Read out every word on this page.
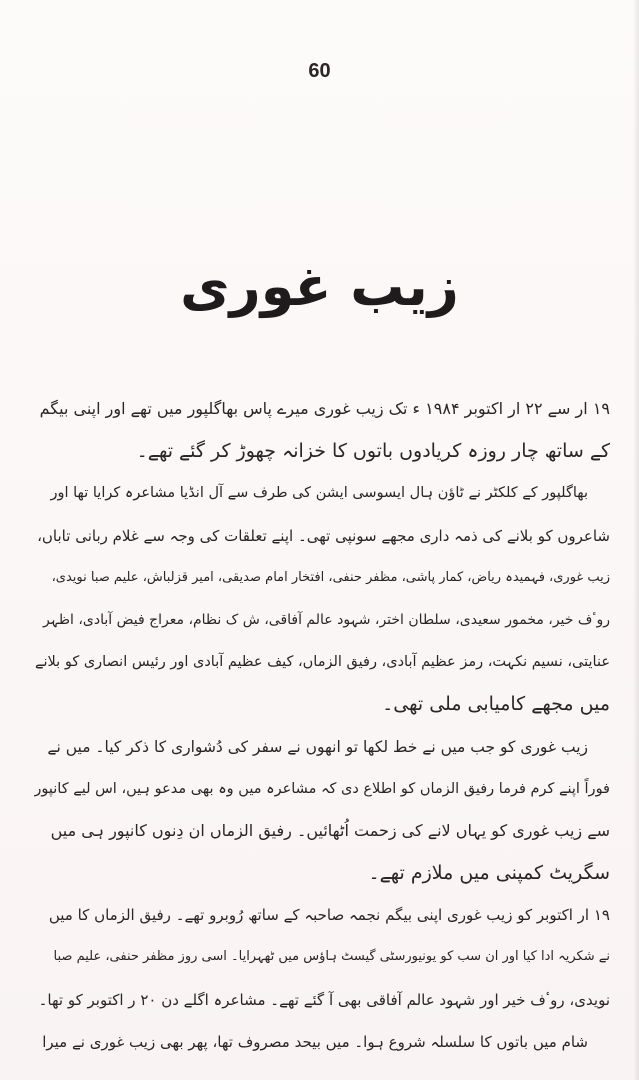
60
زیب غوری
۱۹ ار سے ۲۲ ار اکتوبر ۱۹۸۴ ء تک زیب غوری میرے پاس بھاگلپور میں تھے اور اپنی بیگم
کے ساتھ چار روزہ کریادوں باتوں کا خزانہ چھوڑ کر گئے تھے۔
بھاگلپور کے کلکٹر نے ٹاؤن ہال ایسوسی ایشن کی طرف سے آل انڈیا مشاعرہ کرایا تھا اور
شاعروں کو بلانے کی ذمہ داری مجھے سونپی تھی۔ اپنے تعلقات کی وجہ سے غلام ربانی تاباں،
زیب غوری، فہمیدہ ریاض، کمار پاشی، مظفر حنفی، افتخار امام صدیقی، امیر قزلباش، علیم صبا نویدی،
روٴف خیر، مخمور سعیدی، سلطان اختر، شہود عالم آفاقی، ش ک نظام، معراج فیض آبادی، اظہر
عنایتی، نسیم نکہت، رمز عظیم آبادی، رفیق الزماں، کیف عظیم آبادی اور رئیس انصاری کو بلانے
میں مجھے کامیابی ملی تھی۔
زیب غوری کو جب میں نے خط لکھا تو انھوں نے سفر کی دُشواری کا ذکر کیا۔ میں نے
فوراً اپنے کرم فرما رفیق الزماں کو اطلاع دی کہ مشاعرہ میں وہ بھی مدعو ہیں، اس لیے کانپور
سے زیب غوری کو یہاں لانے کی زحمت اُٹھائیں۔ رفیق الزماں ان دِنوں کانپور ہی میں
سگریٹ کمپنی میں ملازم تھے۔
۱۹ ار اکتوبر کو زیب غوری اپنی بیگم نجمہ صاحبہ کے ساتھ رُوبرو تھے۔ رفیق الزماں کا میں
نے شکریہ ادا کیا اور ان سب کو یونیورسٹی گیسٹ ہاؤس میں ٹھہرایا۔ اسی روز مظفر حنفی، علیم صبا
نویدی، روٴف خیر اور شہود عالم آفاقی بھی آ گئے تھے۔ مشاعرہ اگلے دن ۲۰ ر اکتوبر کو تھا۔
شام میں باتوں کا سلسلہ شروع ہوا۔ میں بیحد مصروف تھا، پھر بھی زیب غوری نے میرا
